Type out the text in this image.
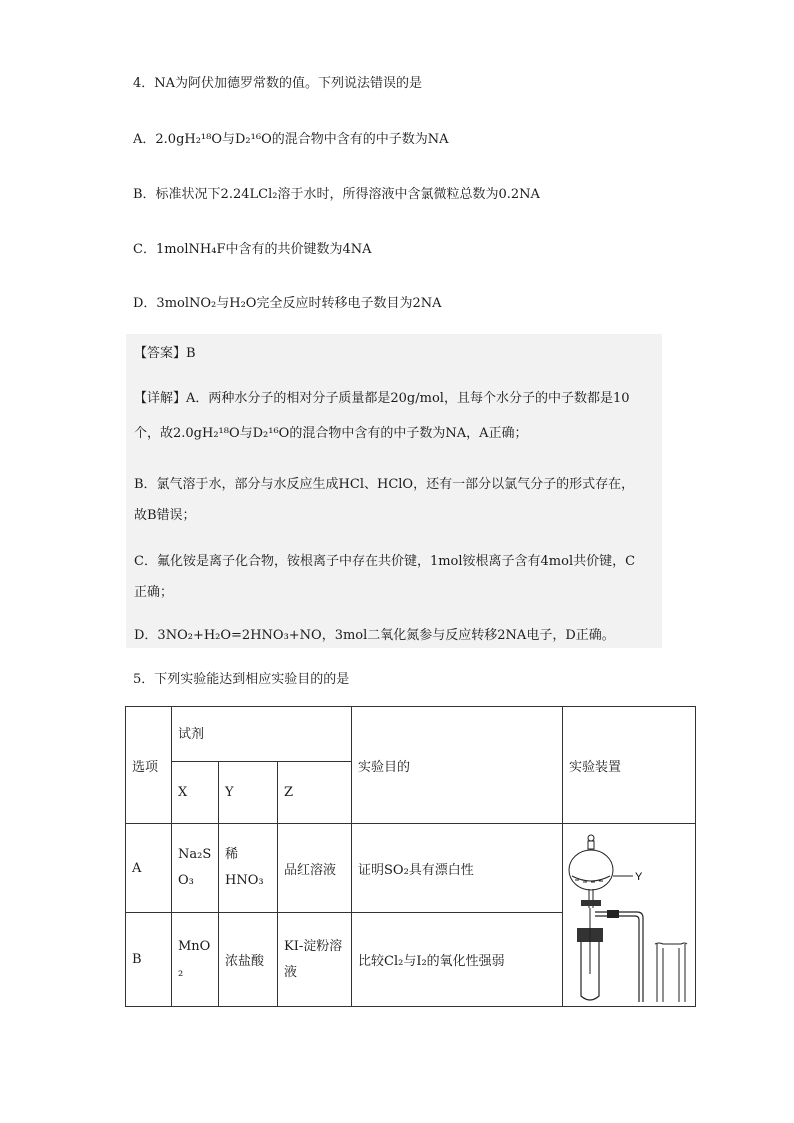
4．NA为阿伏加德罗常数的值。下列说法错误的是
A．2.0gH₂¹⁸O与D₂¹⁶O的混合物中含有的中子数为NA
B．标准状况下2.24LCl₂溶于水时，所得溶液中含氯微粒总数为0.2NA
C．1molNH₄F中含有的共价键数为4NA
D．3molNO₂与H₂O完全反应时转移电子数目为2NA
【答案】B
【详解】A．两种水分子的相对分子质量都是20g/mol，且每个水分子的中子数都是10
个，故2.0gH₂¹⁸O与D₂¹⁶O的混合物中含有的中子数为NA，A正确；
B．氯气溶于水，部分与水反应生成HCl、HClO，还有一部分以氯气分子的形式存在，
故B错误；
C．氟化铵是离子化合物，铵根离子中存在共价键，1mol铵根离子含有4mol共价键，C
正确；
D．3NO₂+H₂O=2HNO₃+NO，3mol二氧化氮参与反应转移2NA电子，D正确。
5．下列实验能达到相应实验目的的是
选项	试剂			实验目的	实验装置
	X	Y	Z		
A	Na₂SO₃	稀HNO₃	品红溶液	证明SO₂具有漂白性	Y

B	MnO₂	浓盐酸	KI-淀粉溶液	比较Cl₂与I₂的氧化性强弱	
